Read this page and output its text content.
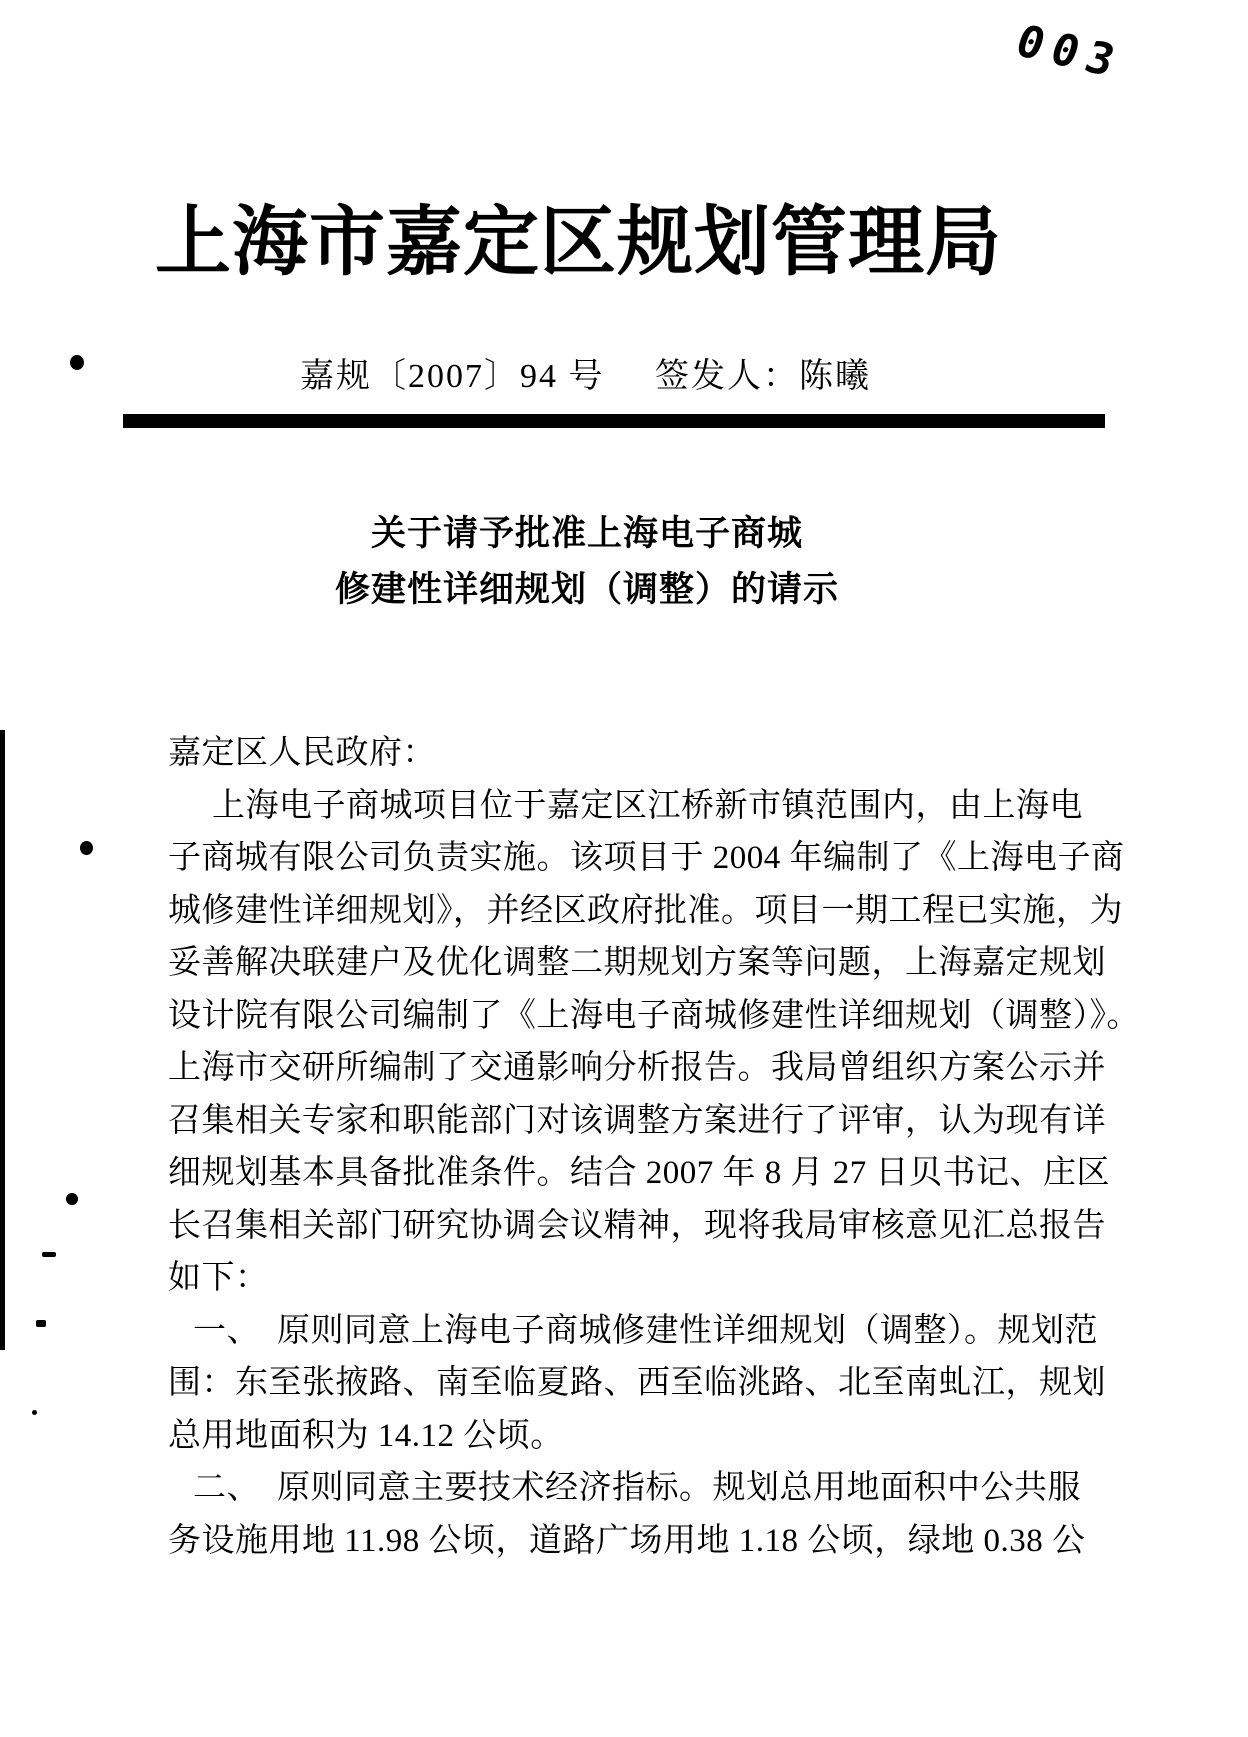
003
上海市嘉定区规划管理局
嘉规〔2007〕94 号 签发人：陈曦
关于请予批准上海电子商城
修建性详细规划（调整）的请示
嘉定区人民政府：
上海电子商城项目位于嘉定区江桥新市镇范围内，由上海电
子商城有限公司负责实施。该项目于 2004 年编制了《上海电子商
城修建性详细规划》，并经区政府批准。项目一期工程已实施，为
妥善解决联建户及优化调整二期规划方案等问题，上海嘉定规划
设计院有限公司编制了《上海电子商城修建性详细规划（调整）》。
上海市交研所编制了交通影响分析报告。我局曾组织方案公示并
召集相关专家和职能部门对该调整方案进行了评审，认为现有详
细规划基本具备批准条件。结合 2007 年 8 月 27 日贝书记、庄区
长召集相关部门研究协调会议精神，现将我局审核意见汇总报告
如下：
一、　原则同意上海电子商城修建性详细规划（调整）。规划范
围：东至张掖路、南至临夏路、西至临洮路、北至南虬江，规划
总用地面积为 14.12 公顷。
二、　原则同意主要技术经济指标。规划总用地面积中公共服
务设施用地 11.98 公顷，道路广场用地 1.18 公顷，绿地 0.38 公
